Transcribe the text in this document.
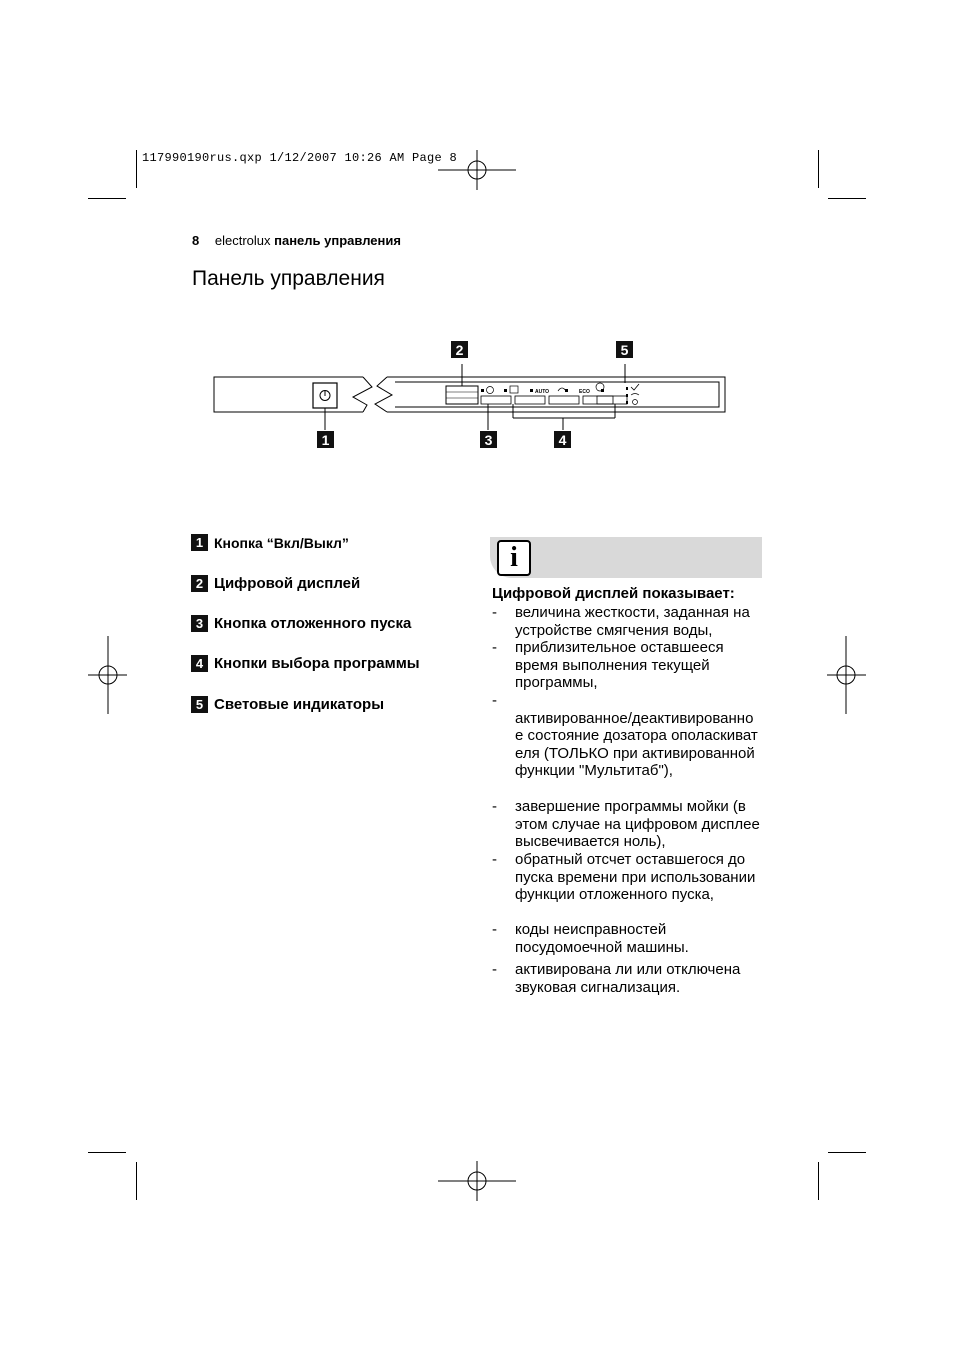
117990190rus.qxp 1/12/2007 10:26 AM Page 8
8 electrolux панель управления
Панель управления
AUTO	ECO
2	5
1	3	4
1 Кнопка “Вкл/Выкл”
2 Цифровой дисплей
3 Кнопка отложенного пуска
4 Кнопки выбора программы
5 Световые индикаторы
i
Цифровой дисплей показывает:
- величина жесткости, заданная на устройстве смягчения воды,
- приблизительное оставшееся время выполнения текущей программы,
-
активированное/деактивированное состояние дозатора ополаскивателя (ТОЛЬКО при активированной функции "Мультитаб"),
- завершение программы мойки (в этом случае на цифровом дисплее высвечивается ноль),
- обратный отсчет оставшегося до пуска времени при использовании функции отложенного пуска,
- коды неисправностей посудомоечной машины.
- активирована ли или отключена звуковая сигнализация.
